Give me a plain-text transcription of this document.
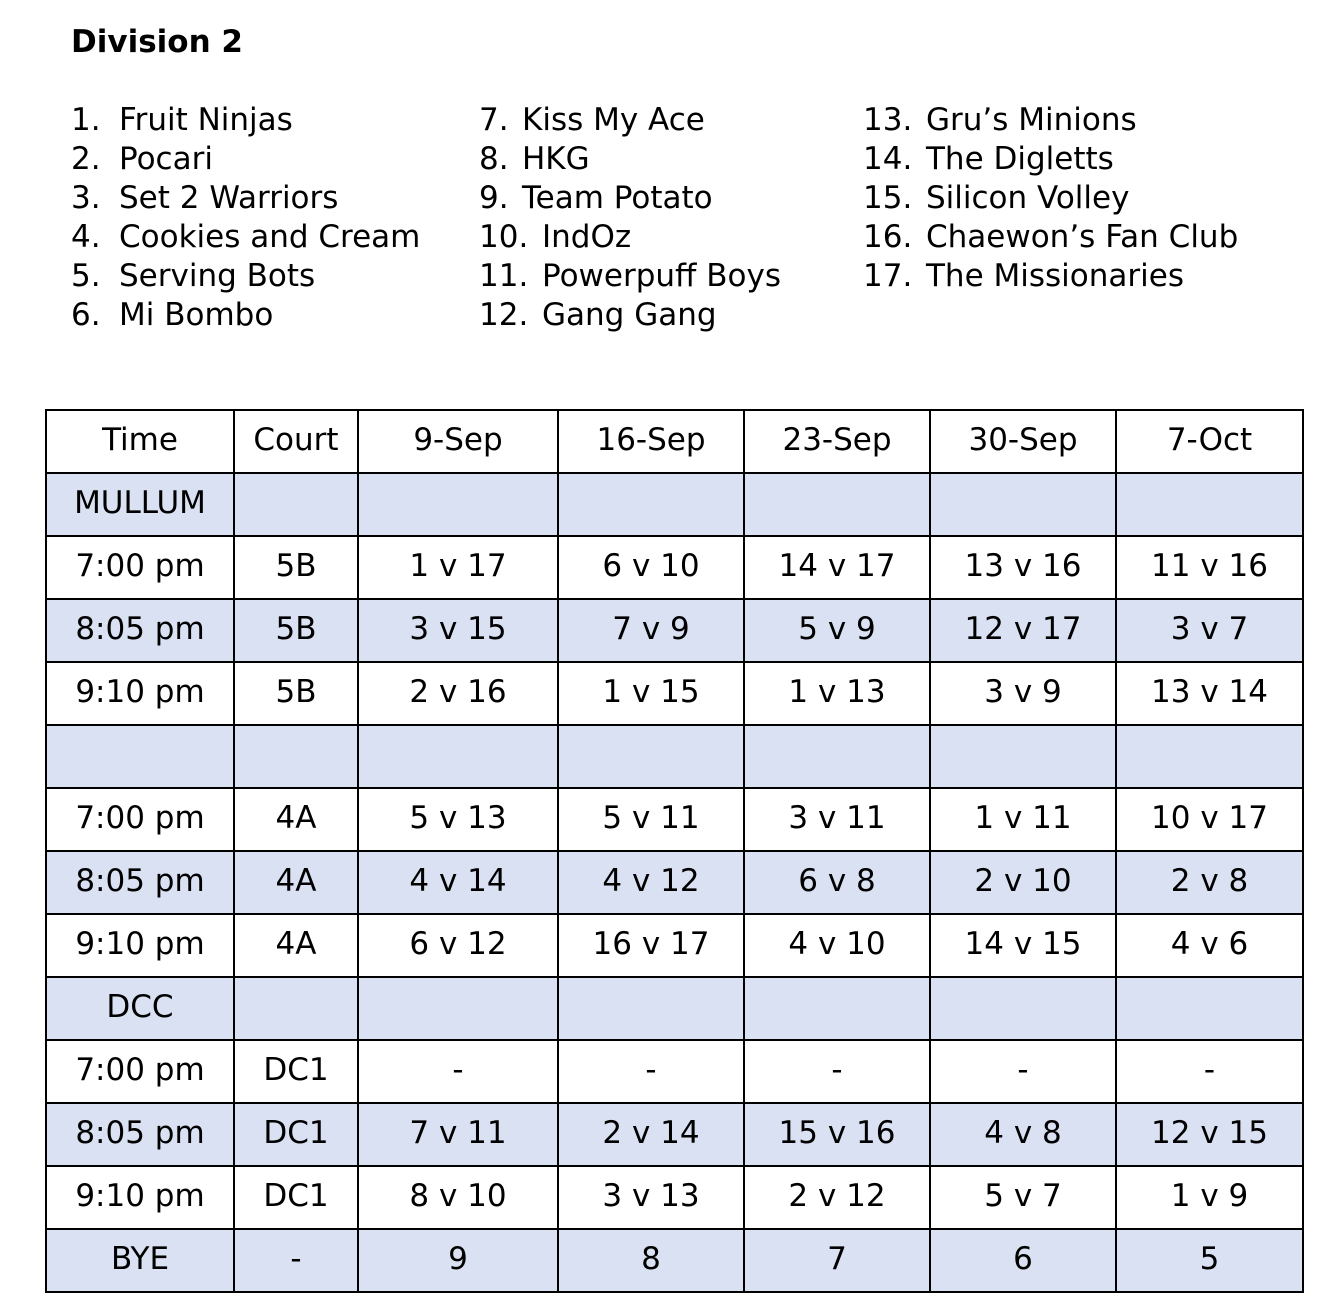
Division 2
1. Fruit Ninjas
2. Pocari
3. Set 2 Warriors
4. Cookies and Cream
5. Serving Bots
6. Mi Bombo
7. Kiss My Ace
8. HKG
9. Team Potato
10. IndOz
11. Powerpuff Boys
12. Gang Gang
13. Gru’s Minions
14. The Digletts
15. Silicon Volley
16. Chaewon’s Fan Club
17. The Missionaries
Time	Court	9-Sep	16-Sep	23-Sep	30-Sep	7-Oct
MULLUM						
7:00 pm	5B	1 v 17	6 v 10	14 v 17	13 v 16	11 v 16
8:05 pm	5B	3 v 15	7 v 9	5 v 9	12 v 17	3 v 7
9:10 pm	5B	2 v 16	1 v 15	1 v 13	3 v 9	13 v 14

7:00 pm	4A	5 v 13	5 v 11	3 v 11	1 v 11	10 v 17
8:05 pm	4A	4 v 14	4 v 12	6 v 8	2 v 10	2 v 8
9:10 pm	4A	6 v 12	16 v 17	4 v 10	14 v 15	4 v 6
DCC						
7:00 pm	DC1	-	-	-	-	-
8:05 pm	DC1	7 v 11	2 v 14	15 v 16	4 v 8	12 v 15
9:10 pm	DC1	8 v 10	3 v 13	2 v 12	5 v 7	1 v 9
BYE	-	9	8	7	6	5
